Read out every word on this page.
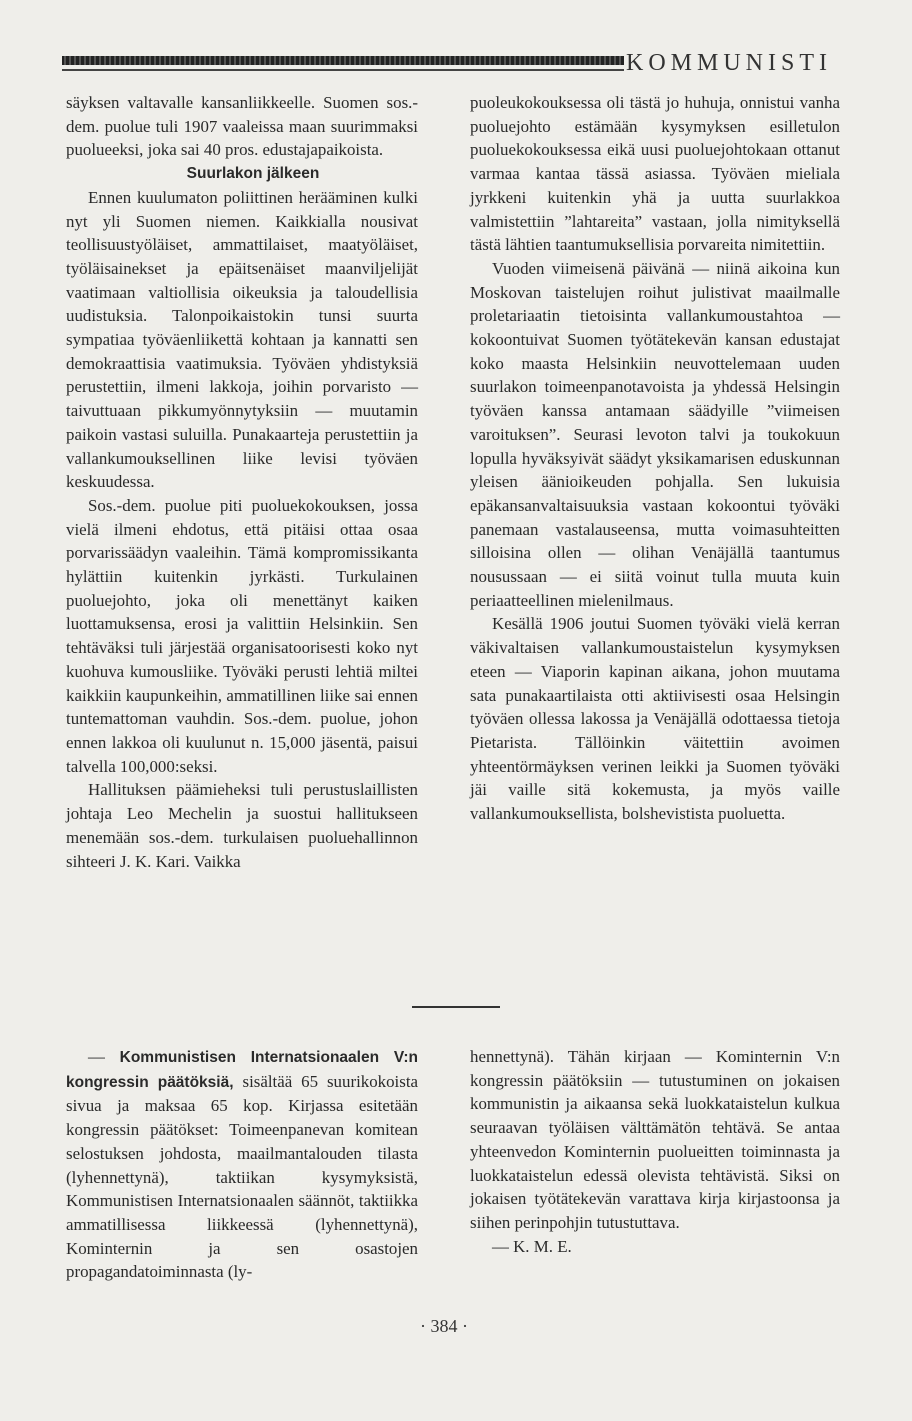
KOMMUNISTI

säyksen valtavalle kansanliikkeelle. Suomen sos.-dem. puolue tuli 1907 vaaleissa maan suurimmaksi puolueeksi, joka sai 40 pros. edustajapaikoista.

Suurlakon jälkeen

Ennen kuulumaton poliittinen herääminen kulki nyt yli Suomen niemen. Kaikkialla nousivat teollisuustyöläiset, ammattilaiset, maatyöläiset, työläisainekset ja epäitsenäiset maanviljelijät vaatimaan valtiollisia oikeuksia ja taloudellisia uudistuksia. Talonpoikaistokin tunsi suurta sympatiaa työväenliikettä kohtaan ja kannatti sen demokraattisia vaatimuksia. Työväen yhdistyksiä perustettiin, ilmeni lakkoja, joihin porvaristo — taivuttuaan pikkumyönnytyksiin — muutamin paikoin vastasi suluilla. Punakaarteja perustettiin ja vallankumouksellinen liike levisi työväen keskuudessa.

Sos.-dem. puolue piti puoluekokouksen, jossa vielä ilmeni ehdotus, että pitäisi ottaa osaa porvarissäädyn vaaleihin. Tämä kompromissikanta hylättiin kuitenkin jyrkästi. Turkulainen puoluejohto, joka oli menettänyt kaiken luottamuksensa, erosi ja valittiin Helsinkiin. Sen tehtäväksi tuli järjestää organisatoorisesti koko nyt kuohuva kumousliike. Työväki perusti lehtiä miltei kaikkiin kaupunkeihin, ammatillinen liike sai ennen tuntemattoman vauhdin. Sos.-dem. puolue, johon ennen lakkoa oli kuulunut n. 15,000 jäsentä, paisui talvella 100,000:seksi.

Hallituksen päämieheksi tuli perustuslaillisten johtaja Leo Mechelin ja suostui hallitukseen menemään sos.-dem. turkulaisen puoluehallinnon sihteeri J. K. Kari. Vaikka

puoleukokouksessa oli tästä jo huhuja, onnistui vanha puoluejohto estämään kysymyksen esilletulon puoluekokouksessa eikä uusi puoluejohtokaan ottanut varmaa kantaa tässä asiassa. Työväen mieliala jyrkkeni kuitenkin yhä ja uutta suurlakkoa valmistettiin ”lahtareita” vastaan, jolla nimityksellä tästä lähtien taantumuksellisia porvareita nimitettiin.

Vuoden viimeisenä päivänä — niinä aikoina kun Moskovan taistelujen roihut julistivat maailmalle proletariaatin tietoisinta vallankumoustahtoa — kokoontuivat Suomen työtätekevän kansan edustajat koko maasta Helsinkiin neuvottelemaan uuden suurlakon toimeenpanotavoista ja yhdessä Helsingin työväen kanssa antamaan säädyille ”viimeisen varoituksen”. Seurasi levoton talvi ja toukokuun lopulla hyväksyivät säädyt yksikamarisen eduskunnan yleisen äänioikeuden pohjalla. Sen lukuisia epäkansanvaltaisuuksia vastaan kokoontui työväki panemaan vastalauseensa, mutta voimasuhteitten silloisina ollen — olihan Venäjällä taantumus nousussaan — ei siitä voinut tulla muuta kuin periaatteellinen mielenilmaus.

Kesällä 1906 joutui Suomen työväki vielä kerran väkivaltaisen vallankumoustaistelun kysymyksen eteen — Viaporin kapinan aikana, johon muutama sata punakaartilaista otti aktiivisesti osaa Helsingin työväen ollessa lakossa ja Venäjällä odottaessa tietoja Pietarista. Tällöinkin väitettiin avoimen yhteentörmäyksen verinen leikki ja Suomen työväki jäi vaille sitä kokemusta, ja myös vaille vallankumouksellista, bolshevistista puoluetta.

— Kommunistisen Internatsionaalen V:n kongressin päätöksiä, sisältää 65 suurikokoista sivua ja maksaa 65 kop. Kirjassa esitetään kongressin päätökset: Toimeenpanevan komitean selostuksen johdosta, maailmantalouden tilasta (lyhennettynä), taktiikan kysymyksistä, Kommunistisen Internatsionaalen säännöt, taktiikka ammatillisessa liikkeessä (lyhennettynä), Kominternin ja sen osastojen propagandatoiminnasta (ly-

hennettynä). Tähän kirjaan — Kominternin V:n kongressin päätöksiin — tutustuminen on jokaisen kommunistin ja aikaansa sekä luokkataistelun kulkua seuraavan työläisen välttämätön tehtävä. Se antaa yhteenvedon Kominternin puolueitten toiminnasta ja luokkataistelun edessä olevista tehtävistä. Siksi on jokaisen työtätekevän varattava kirja kirjastoonsa ja siihen perinpohjin tutustuttava.

— K. M. E.

· 384 ·
